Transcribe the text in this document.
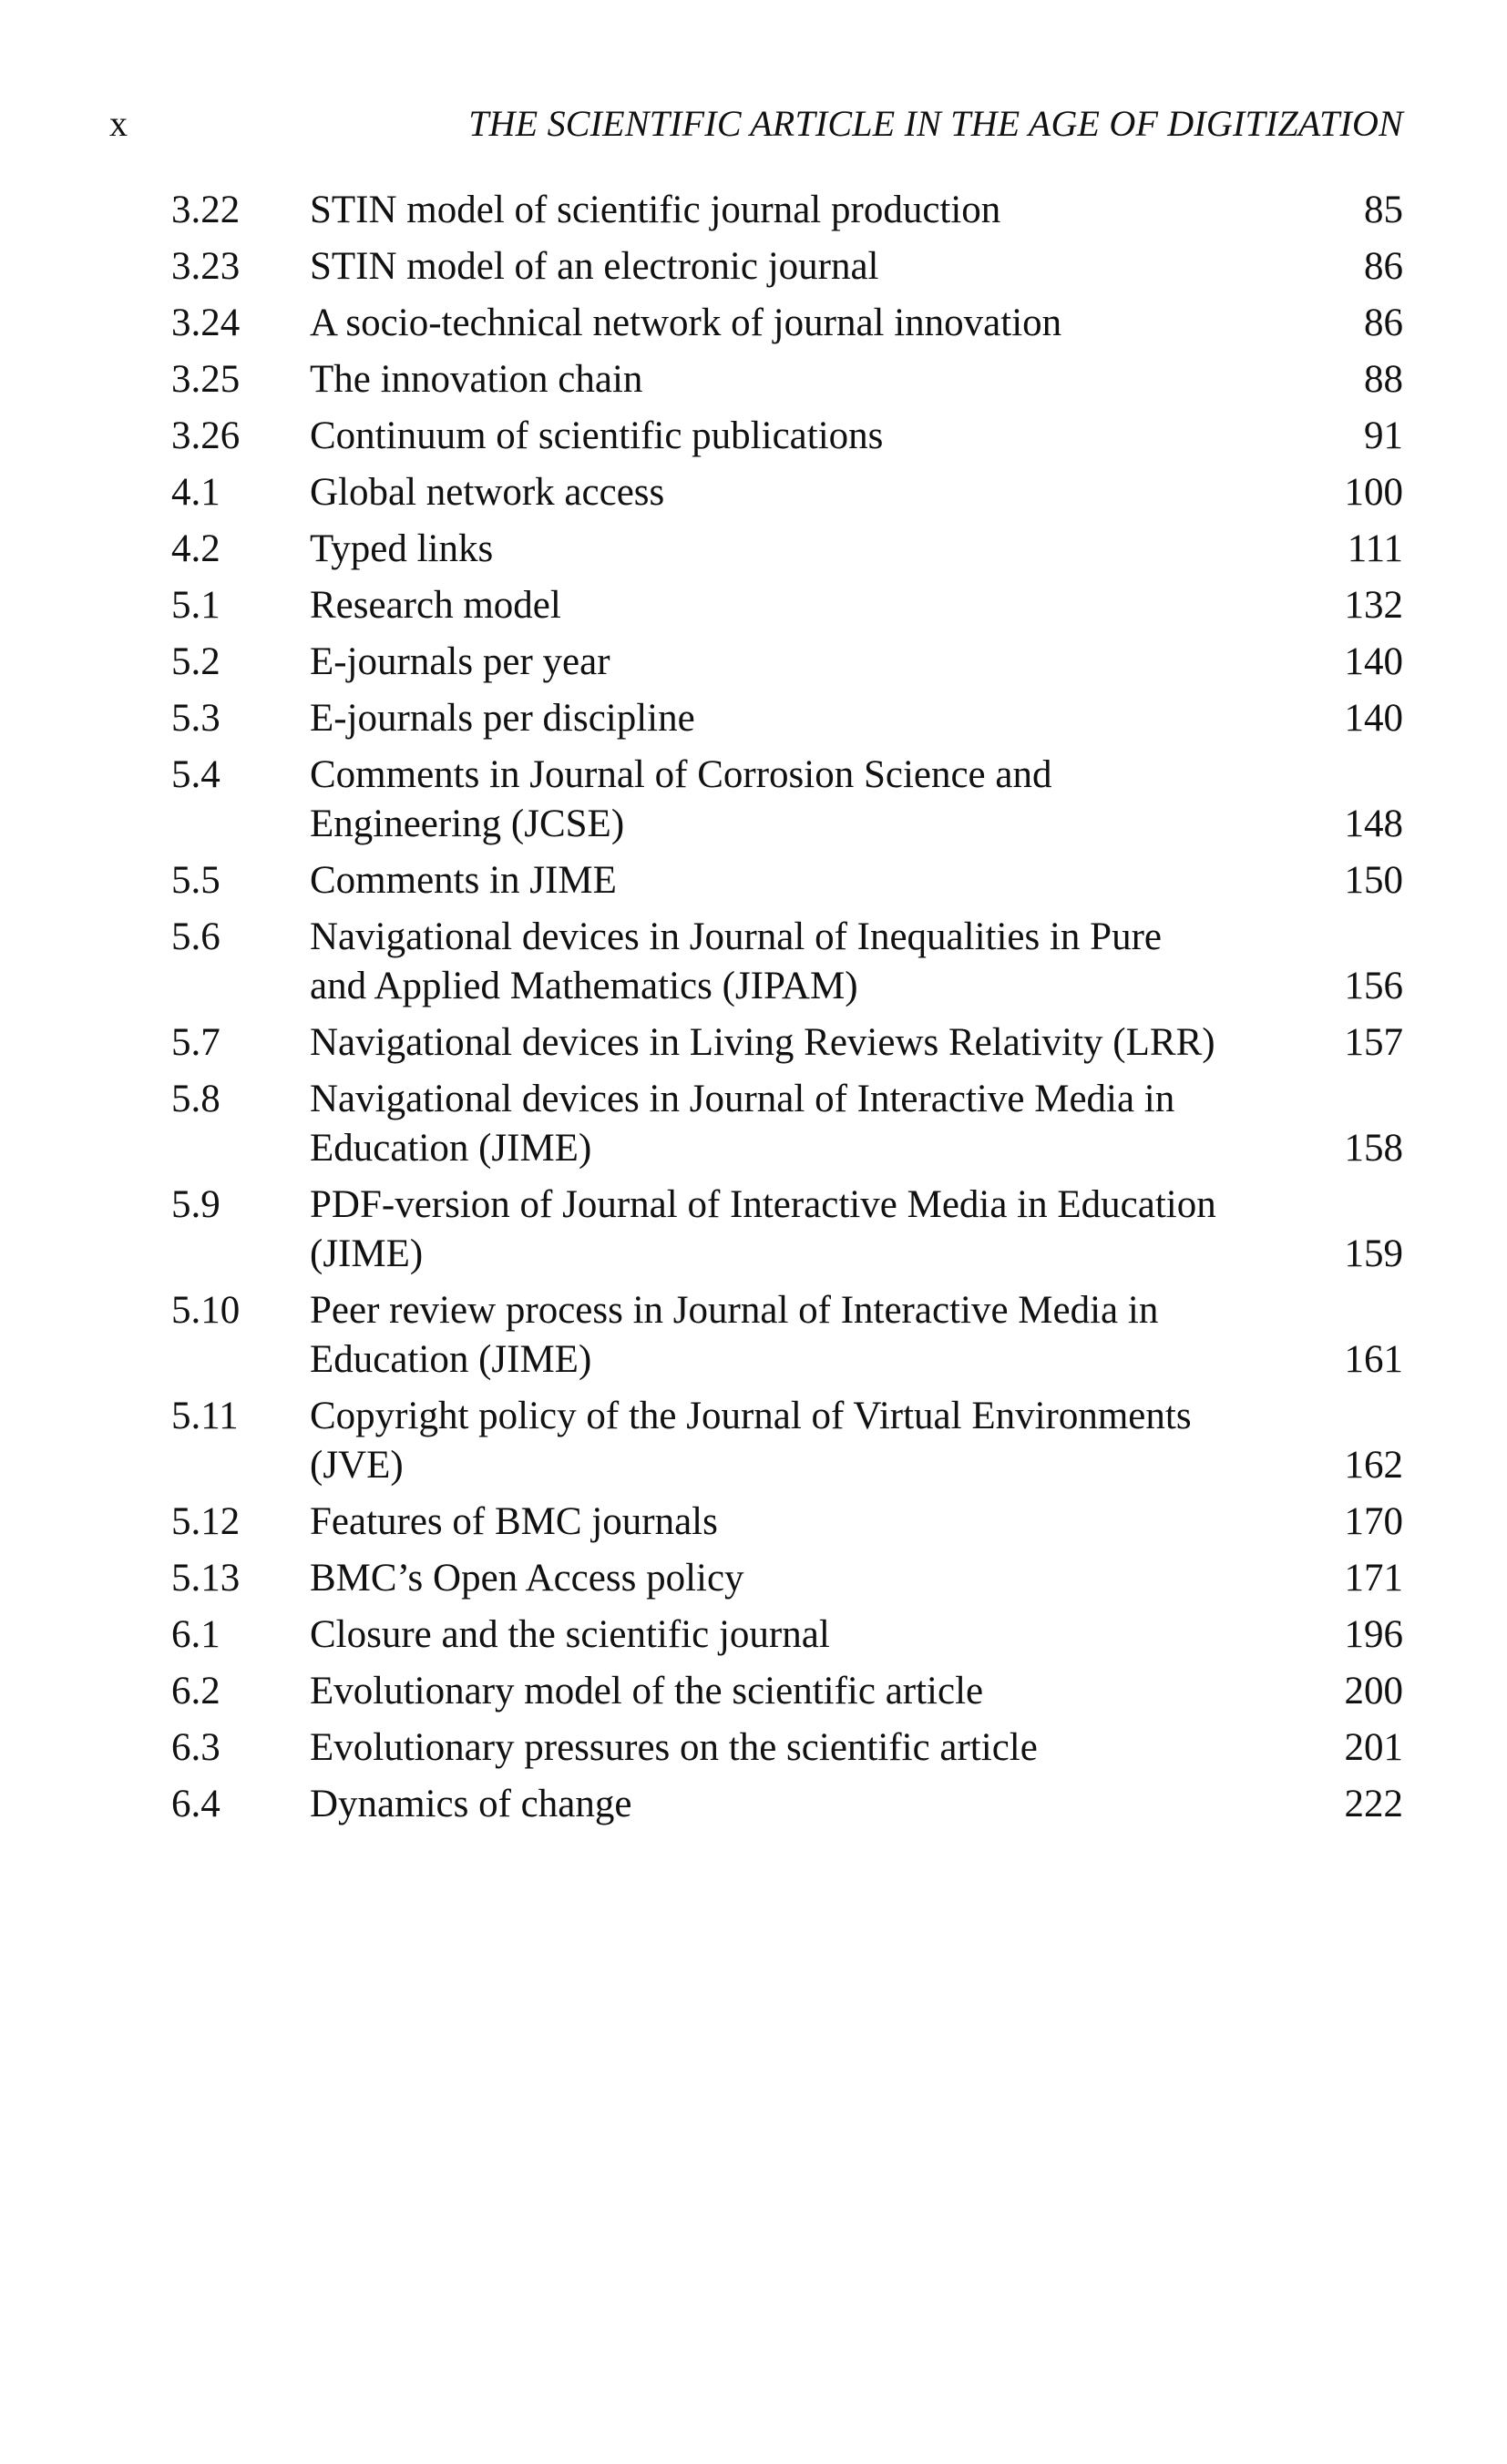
x	THE SCIENTIFIC ARTICLE IN THE AGE OF DIGITIZATION
3.22	STIN model of scientific journal production	85
3.23	STIN model of an electronic journal	86
3.24	A socio-technical network of journal innovation	86
3.25	The innovation chain	88
3.26	Continuum of scientific publications	91
4.1	Global network access	100
4.2	Typed links	111
5.1	Research model	132
5.2	E-journals per year	140
5.3	E-journals per discipline	140
5.4	Comments in Journal of Corrosion Science and Engineering (JCSE)	148
5.5	Comments in JIME	150
5.6	Navigational devices in Journal of Inequalities in Pure and Applied Mathematics (JIPAM)	156
5.7	Navigational devices in Living Reviews Relativity (LRR)	157
5.8	Navigational devices in Journal of Interactive Media in Education (JIME)	158
5.9	PDF-version of Journal of Interactive Media in Education (JIME)	159
5.10	Peer review process in Journal of Interactive Media in Education (JIME)	161
5.11	Copyright policy of the Journal of Virtual Environments (JVE)	162
5.12	Features of BMC journals	170
5.13	BMC’s Open Access policy	171
6.1	Closure and the scientific journal	196
6.2	Evolutionary model of the scientific article	200
6.3	Evolutionary pressures on the scientific article	201
6.4	Dynamics of change	222
